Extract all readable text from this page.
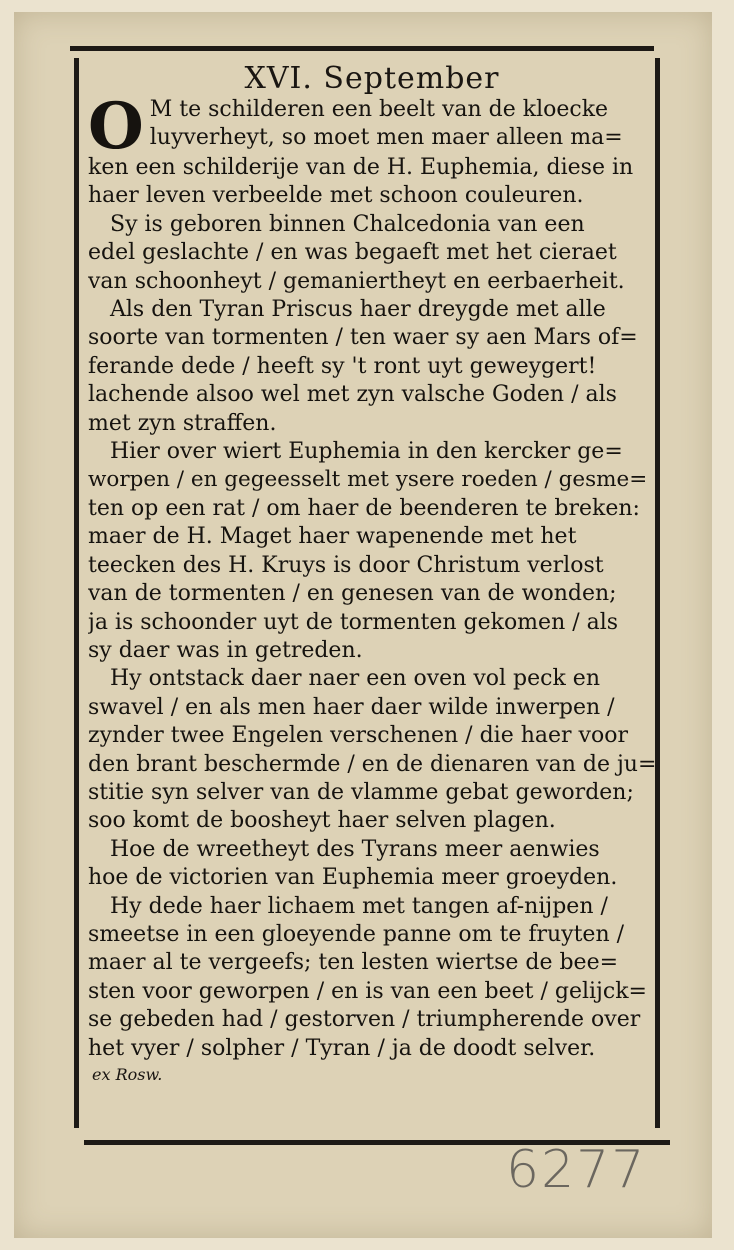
XVI. September
O M te schilderen een beelt van de kloecke
luyverheyt, so moet men maer alleen ma=
ken een schilderije van de H. Euphemia, diese in
haer leven verbeelde met schoon couleuren.
Sy is geboren binnen Chalcedonia van een
edel geslachte / en was begaeft met het cieraet
van schoonheyt / gemaniertheyt en eerbaerheit.
Als den Tyran Priscus haer dreygde met alle
soorte van tormenten / ten waer sy aen Mars of=
ferande dede / heeft sy 't ront uyt geweygert!
lachende alsoo wel met zyn valsche Goden / als
met zyn straffen.
Hier over wiert Euphemia in den kercker ge=
worpen / en gegeesselt met ysere roeden / gesme=
ten op een rat / om haer de beenderen te breken:
maer de H. Maget haer wapenende met het
teecken des H. Kruys is door Christum verlost
van de tormenten / en genesen van de wonden;
ja is schoonder uyt de tormenten gekomen / als
sy daer was in getreden.
Hy ontstack daer naer een oven vol peck en
swavel / en als men haer daer wilde inwerpen /
zynder twee Engelen verschenen / die haer voor
den brant beschermde / en de dienaren van de ju=
stitie syn selver van de vlamme gebat geworden;
soo komt de boosheyt haer selven plagen.
Hoe de wreetheyt des Tyrans meer aenwies
hoe de victorien van Euphemia meer groeyden.
Hy dede haer lichaem met tangen af-nijpen /
smeetse in een gloeyende panne om te fruyten /
maer al te vergeefs; ten lesten wiertse de bee=
sten voor geworpen / en is van een beet / gelijck=
se gebeden had / gestorven / triumpherende over
het vyer / solpher / Tyran / ja de doodt selver.
ex Rosw.
6277
